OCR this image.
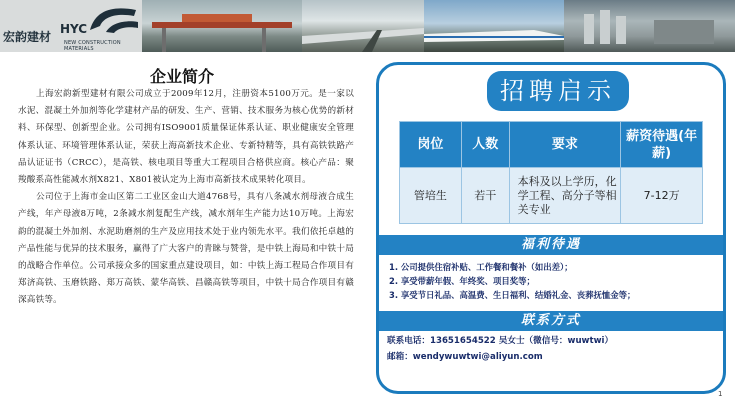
宏韵建材
HYC
NEW CONSTRUCTION MATERIALS
企业简介

上海宏韵新型建材有限公司成立于2009年12月，注册资本5100万元。是一家以水泥、混凝土外加剂等化学建材产品的研发、生产、营销、技术服务为核心优势的新材料、环保型、创新型企业。公司拥有ISO9001质量保证体系认证、职业健康安全管理体系认证、环境管理体系认证，荣获上海高新技术企业、专新特精等，具有高铁铁路产品认证证书（CRCC），是高铁、核电项目等重大工程项目合格供应商。核心产品：聚羧酸系高性能减水剂X821、X801被认定为上海市高新技术成果转化项目。

公司位于上海市金山区第二工业区金山大道4768号，具有八条减水剂母液合成生产线，年产母液8万吨，2条减水剂复配生产线，减水剂年生产能力达10万吨。上海宏韵的混凝土外加剂、水泥助磨剂的生产及应用技术处于业内领先水平。我们依托卓越的产品性能与优异的技术服务，赢得了广大客户的青睐与赞誉，是中铁上海局和中铁十局的战略合作单位。公司承接众多的国家重点建设项目，如：中铁上海工程局合作项目有郑济高铁、玉磨铁路、郑万高铁、蒙华高铁、昌赣高铁等项目，中铁十局合作项目有赣深高铁等。

招聘启示
岗位	人数	要求	薪资待遇(年薪)
管培生	若干	本科及以上学历，化学工程、高分子等相关专业	7-12万
福利待遇
1. 公司提供住宿补贴、工作餐和餐补（如出差）；
2. 享受带薪年假、年终奖、项目奖等；
3. 享受节日礼品、高温费、生日福利、结婚礼金、丧葬抚恤金等；
联系方式
联系电话：13651654522 吴女士（微信号：wuwtwi）
邮箱：wendywuwtwi@aliyun.com
1
